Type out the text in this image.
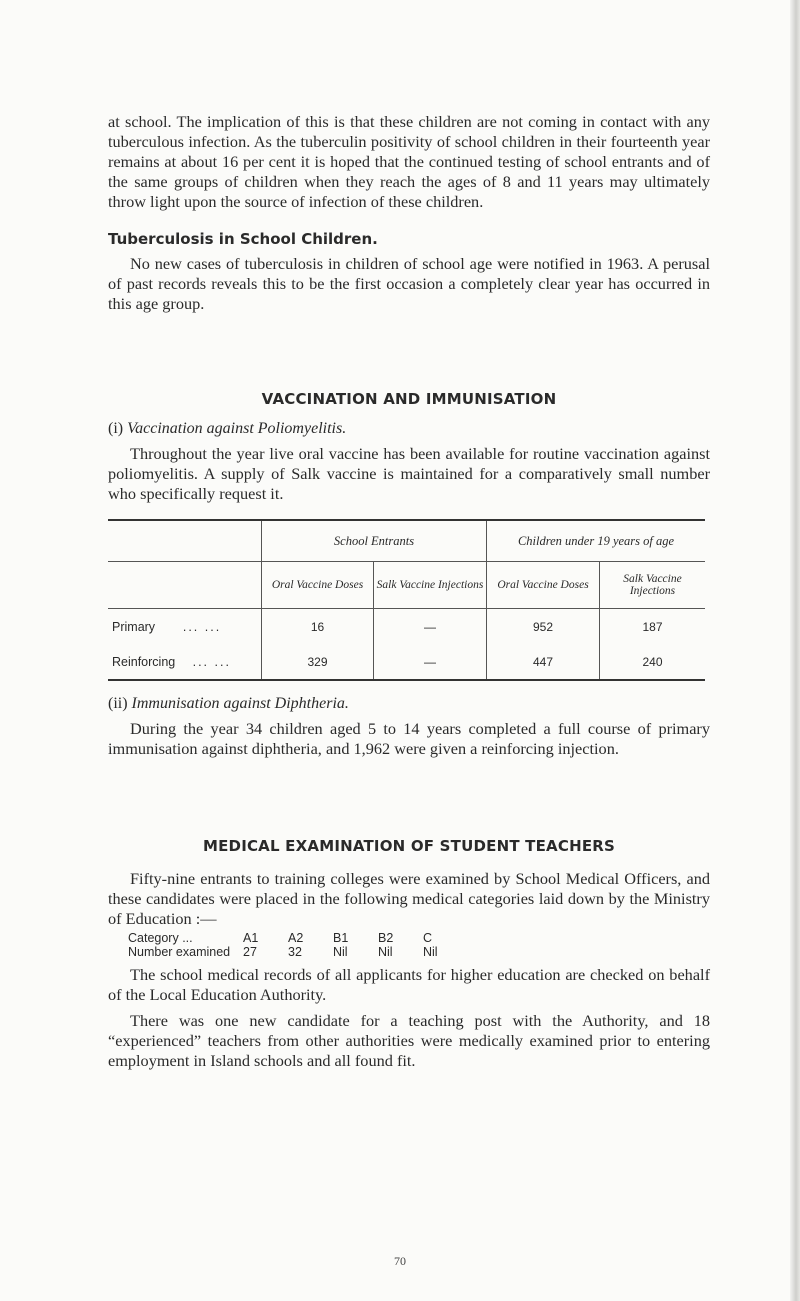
at school. The implication of this is that these children are not coming in contact with any tuberculous infection. As the tuberculin positivity of school children in their fourteenth year remains at about 16 per cent it is hoped that the continued testing of school entrants and of the same groups of children when they reach the ages of 8 and 11 years may ultimately throw light upon the source of infection of these children.

Tuberculosis in School Children.

No new cases of tuberculosis in children of school age were notified in 1963. A perusal of past records reveals this to be the first occasion a completely clear year has occurred in this age group.

VACCINATION AND IMMUNISATION
(i) Vaccination against Poliomyelitis.

Throughout the year live oral vaccine has been available for routine vaccination against poliomyelitis. A supply of Salk vaccine is maintained for a comparatively small number who specifically request it.

	School Entrants		Children under 19 years of age	
	Oral Vaccine Doses	Salk Vaccine Injections	Oral Vaccine Doses	Salk Vaccine Injections
Primary ... ...	16	—	952	187
Reinforcing ... ...	329	—	447	240
(ii) Immunisation against Diphtheria.

During the year 34 children aged 5 to 14 years completed a full course of primary immunisation against diphtheria, and 1,962 were given a reinforcing injection.

MEDICAL EXAMINATION OF STUDENT TEACHERS

Fifty-nine entrants to training colleges were examined by School Medical Officers, and these candidates were placed in the following medical categories laid down by the Ministry of Education :—

Category ...	A1	A2	B1	B2	C
Number examined	27	32	Nil	Nil	Nil

The school medical records of all applicants for higher education are checked on behalf of the Local Education Authority.

There was one new candidate for a teaching post with the Authority, and 18 “experienced” teachers from other authorities were medically examined prior to entering employment in Island schools and all found fit.

70
